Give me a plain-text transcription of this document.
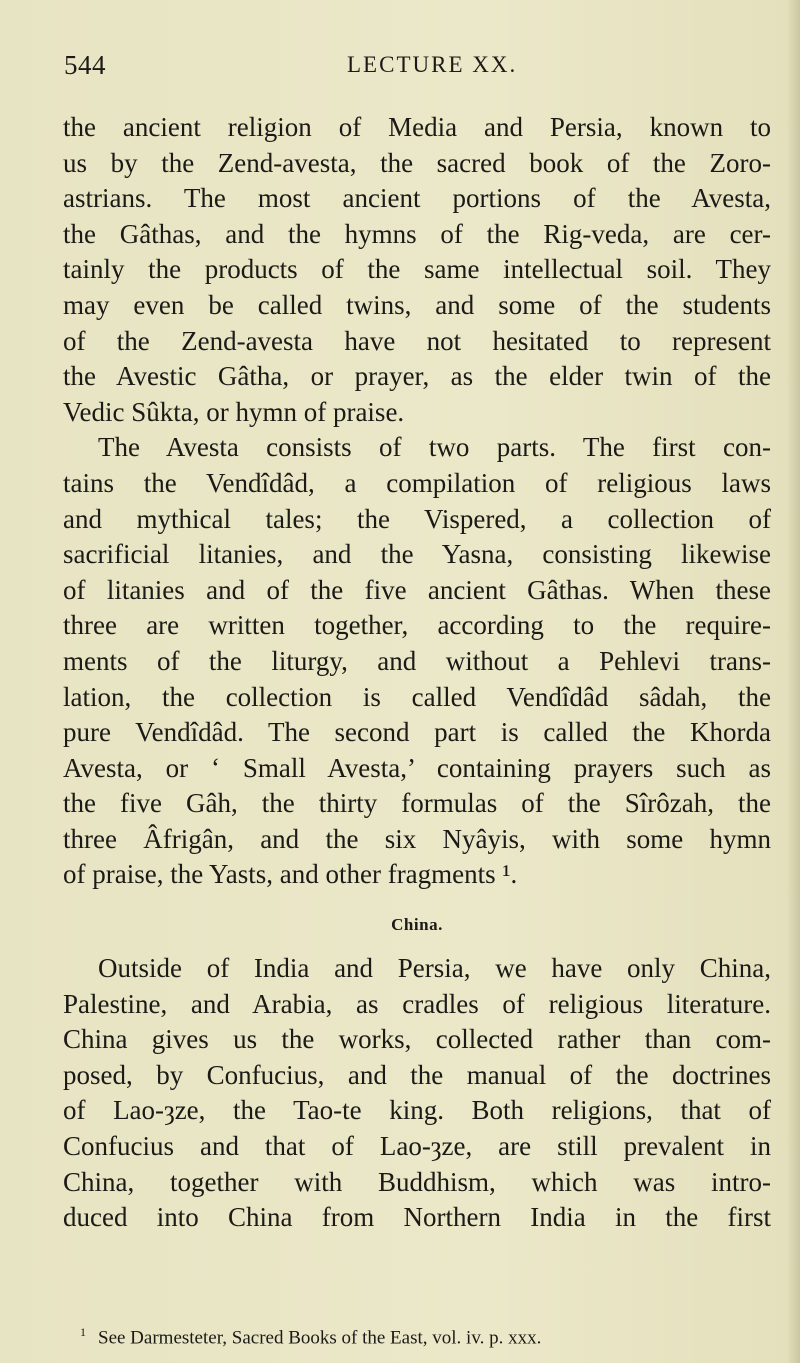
544	LECTURE XX.
the ancient religion of Media and Persia, known to
us by the Zend-avesta, the sacred book of the Zoro-
astrians. The most ancient portions of the Avesta,
the Gâthas, and the hymns of the Rig-veda, are cer-
tainly the products of the same intellectual soil. They
may even be called twins, and some of the students
of the Zend-avesta have not hesitated to represent
the Avestic Gâtha, or prayer, as the elder twin of the
Vedic Sûkta, or hymn of praise.
The Avesta consists of two parts. The first con-
tains the Vendîdâd, a compilation of religious laws
and mythical tales; the Vispered, a collection of
sacrificial litanies, and the Yasna, consisting likewise
of litanies and of the five ancient Gâthas. When these
three are written together, according to the require-
ments of the liturgy, and without a Pehlevi trans-
lation, the collection is called Vendîdâd sâdah, the
pure Vendîdâd. The second part is called the Khorda
Avesta, or ‘ Small Avesta,’ containing prayers such as
the five Gâh, the thirty formulas of the Sîrôzah, the
three Âfrigân, and the six Nyâyis, with some hymn
of praise, the Yasts, and other fragments ¹.
China.
Outside of India and Persia, we have only China,
Palestine, and Arabia, as cradles of religious literature.
China gives us the works, collected rather than com-
posed, by Confucius, and the manual of the doctrines
of Lao-ȝze, the Tao-te king. Both religions, that of
Confucius and that of Lao-ȝze, are still prevalent in
China, together with Buddhism, which was intro-
duced into China from Northern India in the first
$^1$ See Darmesteter, Sacred Books of the East, vol. iv. p. xxx.
